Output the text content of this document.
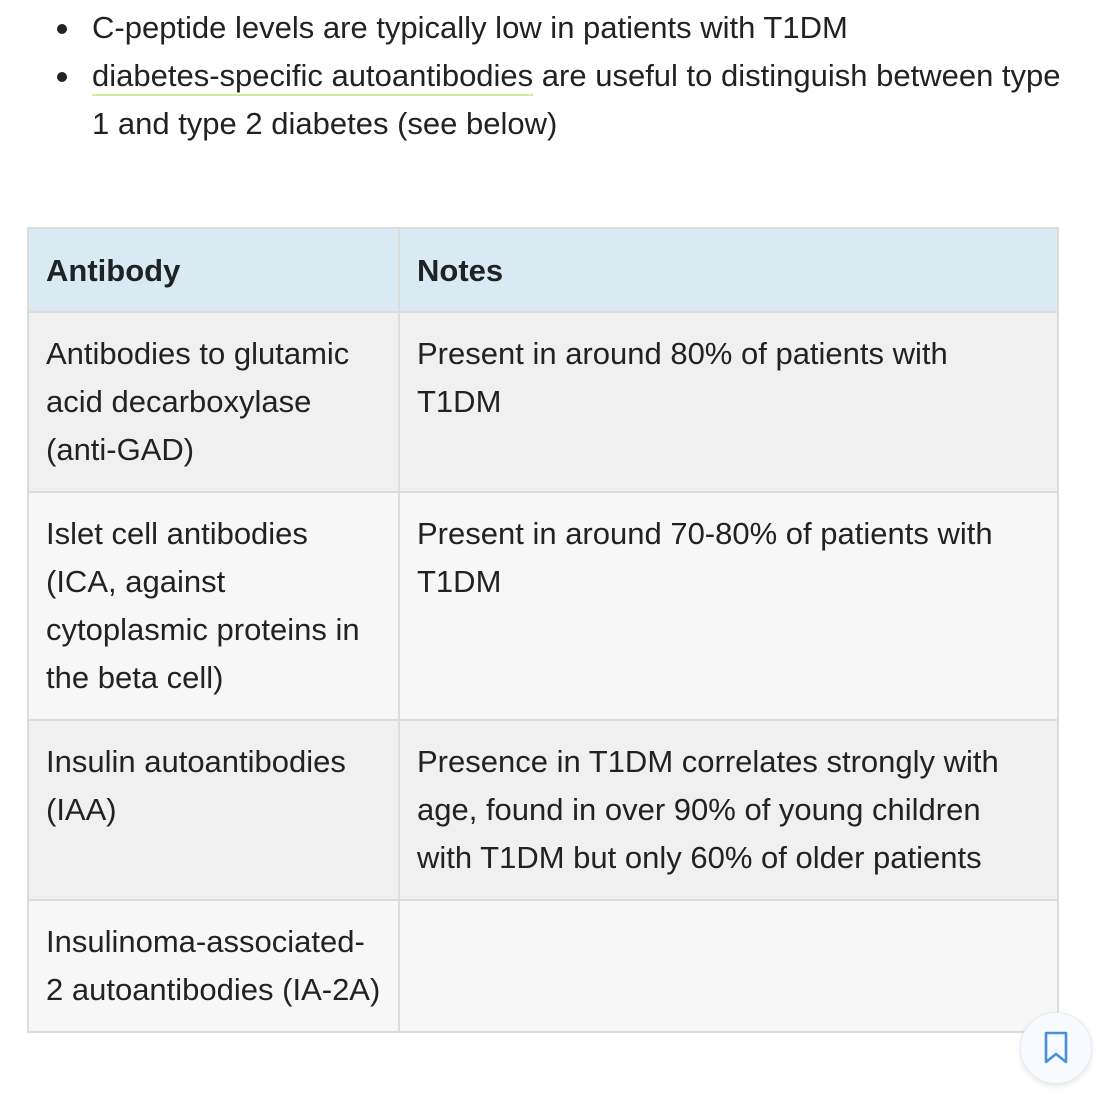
C-peptide levels are typically low in patients with T1DM
diabetes-specific autoantibodies are useful to distinguish between type 1 and type 2 diabetes (see below)
Antibody	Notes
Antibodies to glutamic acid decarboxylase (anti-GAD)	Present in around 80% of patients with T1DM
Islet cell antibodies (ICA, against cytoplasmic proteins in the beta cell)	Present in around 70-80% of patients with T1DM
Insulin autoantibodies (IAA)	Presence in T1DM correlates strongly with age, found in over 90% of young children with T1DM but only 60% of older patients
Insulinoma-associated-2 autoantibodies (IA-2A)	
